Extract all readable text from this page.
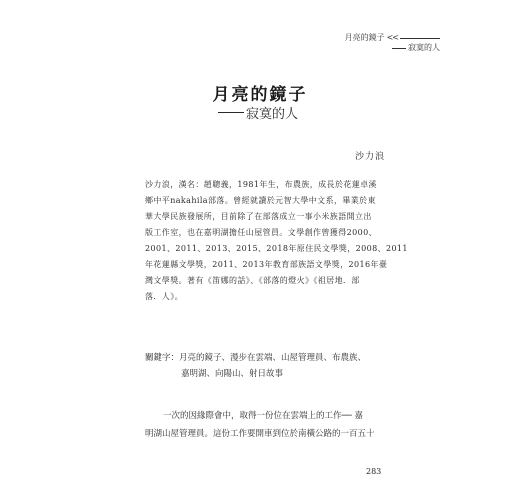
月亮的鏡子 <<
寂寞的人
月亮的鏡子
寂寞的人
沙力浪
沙力浪，漢名：趙聰義，1981年生，布農族，成長於花蓮卓溪
鄉中平nakahila部落。曾經就讀於元智大學中文系，畢業於東
華大學民族發展所，目前除了在部落成立一事小米族語開立出
版工作室，也在嘉明湖擔任山屋管員。文學創作曾獲得2000、
2001、2011、2013、2015、2018年原住民文學獎，2008、2011
年花蓮縣文學獎，2011、2013年教育部族語文學獎，2016年臺
灣文學獎。著有《笛娜的話》、《部落的燈火》《祖居地．部
落．人》。
關鍵字：月亮的鏡子、漫步在雲端、山屋管理員、布農族、
嘉明湖、向陽山、射日故事
一次的因緣際會中，取得一份位在雲端上的工作── 嘉
明湖山屋管理員。這份工作要開車到位於南橫公路的一百五十
283
